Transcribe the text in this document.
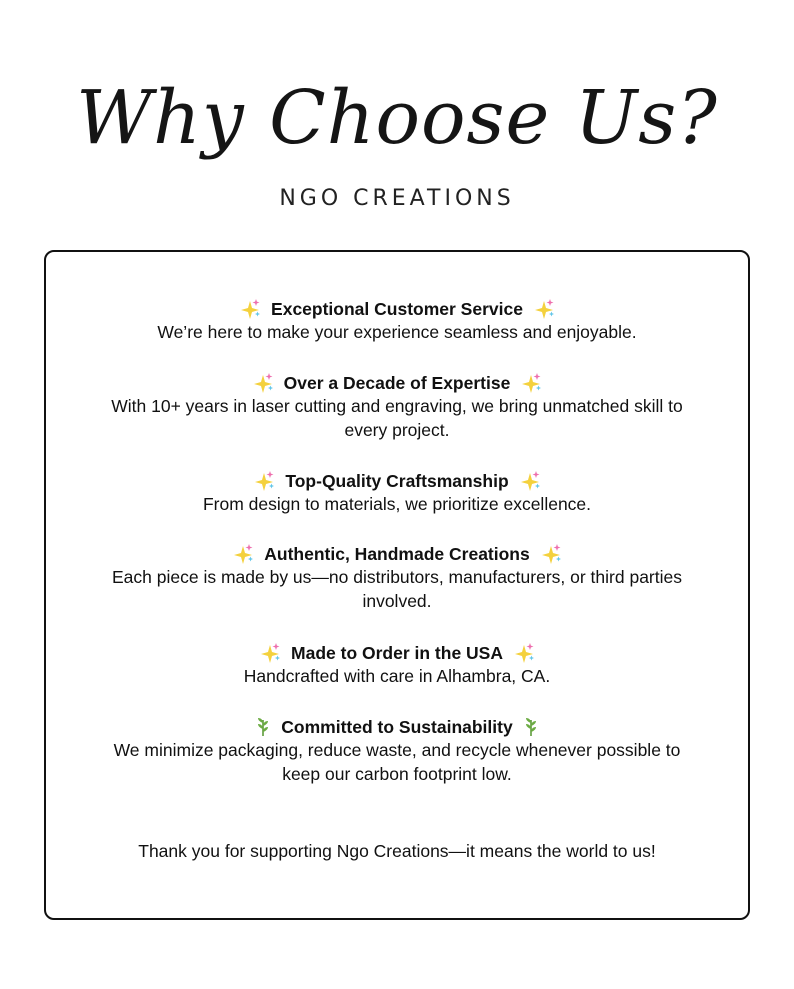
Why Choose Us?
NGO CREATIONS
Exceptional Customer Service
We’re here to make your experience seamless and enjoyable.
Over a Decade of Expertise
With 10+ years in laser cutting and engraving, we bring unmatched skill to
every project.
Top-Quality Craftsmanship
From design to materials, we prioritize excellence.
Authentic, Handmade Creations
Each piece is made by us—no distributors, manufacturers, or third parties
involved.
Made to Order in the USA
Handcrafted with care in Alhambra, CA.
Committed to Sustainability
We minimize packaging, reduce waste, and recycle whenever possible to
keep our carbon footprint low.
Thank you for supporting Ngo Creations—it means the world to us!
